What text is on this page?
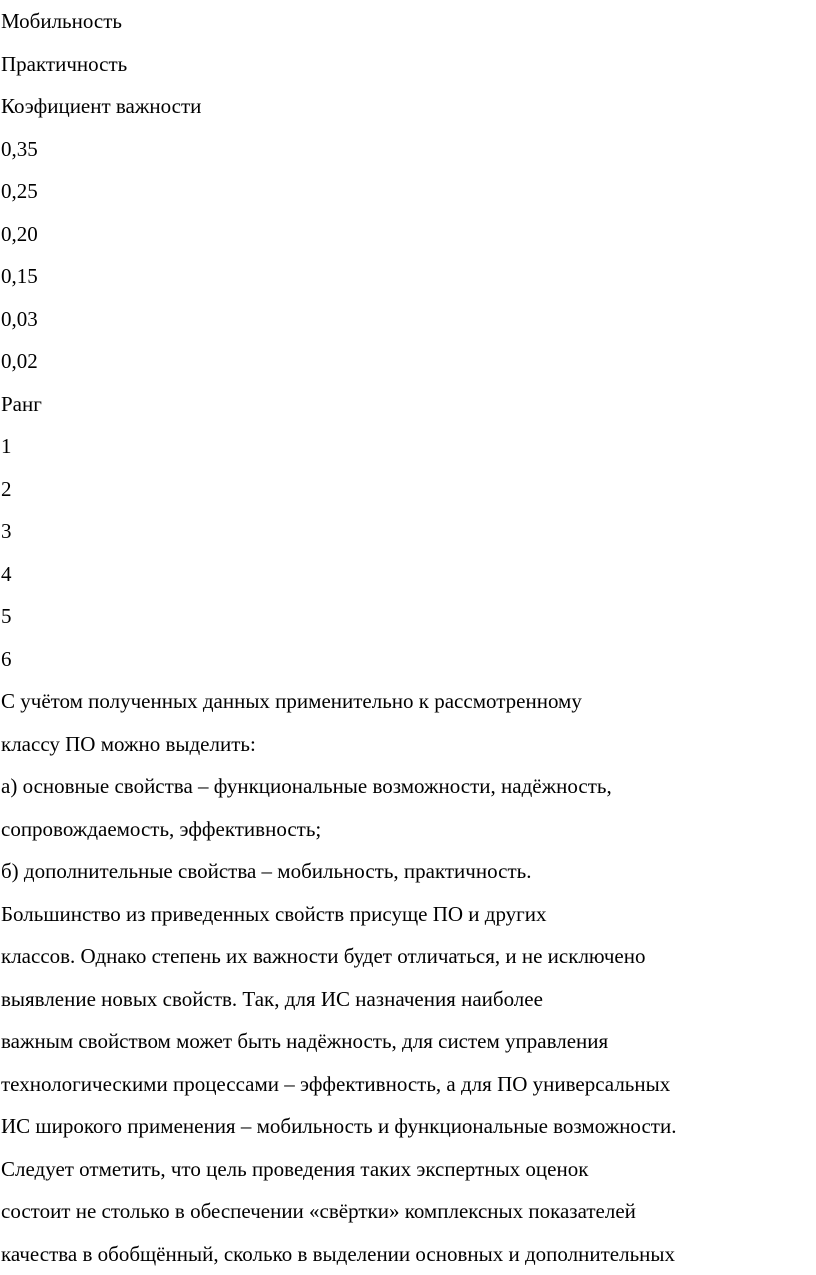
Мобильность
Практичность
Коэфициент важности
0,35
0,25
0,20
0,15
0,03
0,02
Ранг
1
2
3
4
5
6
С учётом полученных данных применительно к рассмотренному
классу ПО можно выделить:
а) основные свойства – функциональные возможности, надёжность,
сопровождаемость, эффективность;
б) дополнительные свойства – мобильность, практичность.
Большинство из приведенных свойств присуще ПО и других
классов. Однако степень их важности будет отличаться, и не исключено
выявление новых свойств. Так, для ИС назначения наиболее
важным свойством может быть надёжность, для систем управления
технологическими процессами – эффективность, а для ПО универсальных
ИС широкого применения – мобильность и функциональные возможности.
Следует отметить, что цель проведения таких экспертных оценок
состоит не столько в обеспечении «свёртки» комплексных показателей
качества в обобщённый, сколько в выделении основных и дополнительных
